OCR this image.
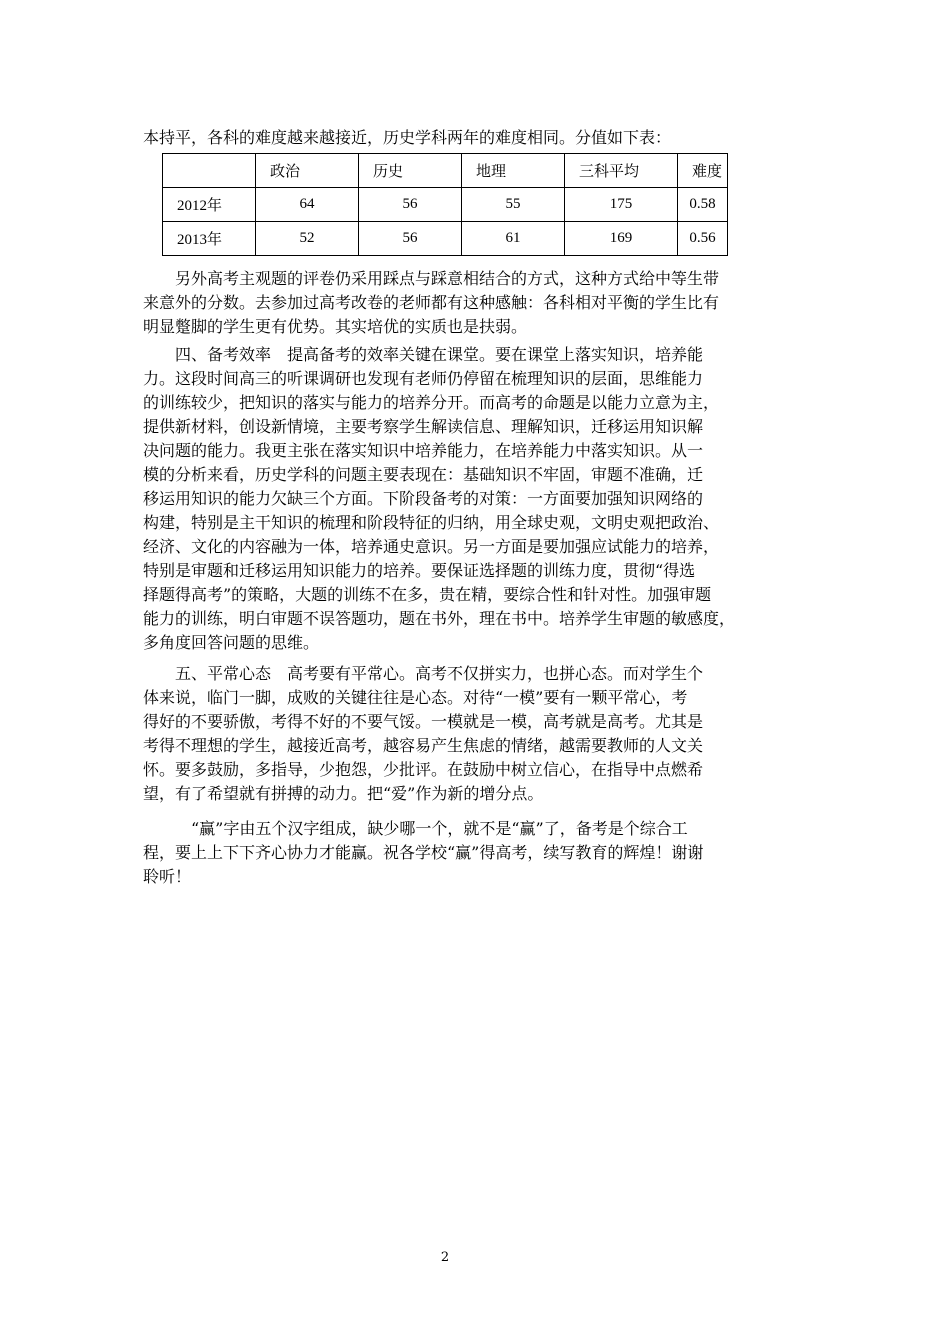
本持平，各科的难度越来越接近，历史学科两年的难度相同。分值如下表：
	政治	历史	地理	三科平均	难度
2012年	64	56	55	175	0.58
2013年	52	56	61	169	0.56
　　另外高考主观题的评卷仍采用踩点与踩意相结合的方式，这种方式给中等生带
来意外的分数。去参加过高考改卷的老师都有这种感触：各科相对平衡的学生比有
明显蹩脚的学生更有优势。其实培优的实质也是扶弱。
　　四、备考效率　提高备考的效率关键在课堂。要在课堂上落实知识，培养能
力。这段时间高三的听课调研也发现有老师仍停留在梳理知识的层面，思维能力
的训练较少，把知识的落实与能力的培养分开。而高考的命题是以能力立意为主，
提供新材料，创设新情境，主要考察学生解读信息、理解知识，迁移运用知识解
决问题的能力。我更主张在落实知识中培养能力，在培养能力中落实知识。从一
模的分析来看，历史学科的问题主要表现在：基础知识不牢固，审题不准确，迁
移运用知识的能力欠缺三个方面。下阶段备考的对策：一方面要加强知识网络的
构建，特别是主干知识的梳理和阶段特征的归纳，用全球史观，文明史观把政治、
经济、文化的内容融为一体，培养通史意识。另一方面是要加强应试能力的培养，
特别是审题和迁移运用知识能力的培养。要保证选择题的训练力度，贯彻“得选
择题得高考”的策略，大题的训练不在多，贵在精，要综合性和针对性。加强审题
能力的训练，明白审题不误答题功，题在书外，理在书中。培养学生审题的敏感度，
多角度回答问题的思维。
　　五、平常心态　高考要有平常心。高考不仅拼实力，也拼心态。而对学生个
体来说，临门一脚，成败的关键往往是心态。对待“一模”要有一颗平常心，考
得好的不要骄傲，考得不好的不要气馁。一模就是一模，高考就是高考。尤其是
考得不理想的学生，越接近高考，越容易产生焦虑的情绪，越需要教师的人文关
怀。要多鼓励，多指导，少抱怨，少批评。在鼓励中树立信心，在指导中点燃希
望，有了希望就有拼搏的动力。把“爱”作为新的增分点。
　　　“赢”字由五个汉字组成，缺少哪一个，就不是“赢”了，备考是个综合工
程，要上上下下齐心协力才能赢。祝各学校“赢”得高考，续写教育的辉煌！谢谢
聆听！
2
